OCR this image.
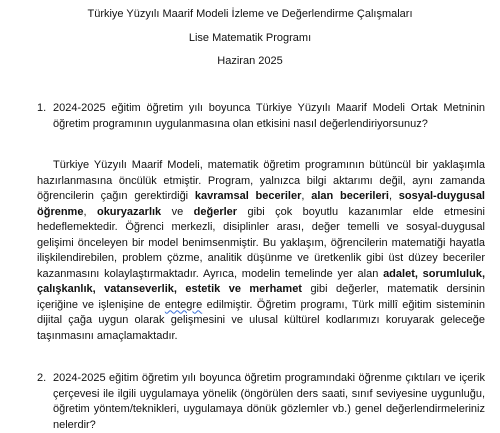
Türkiye Yüzyılı Maarif Modeli İzleme ve Değerlendirme Çalışmaları
Lise Matematik Programı
Haziran 2025
1. 2024-2025 eğitim öğretim yılı boyunca Türkiye Yüzyılı Maarif Modeli Ortak Metninin öğretim programının uygulanmasına olan etkisini nasıl değerlendiriyorsunuz?

Türkiye Yüzyılı Maarif Modeli, matematik öğretim programının bütüncül bir yaklaşımla hazırlanmasına öncülük etmiştir. Program, yalnızca bilgi aktarımı değil, aynı zamanda öğrencilerin çağın gerektirdiği kavramsal beceriler, alan becerileri, sosyal-duygusal öğrenme, okuryazarlık ve değerler gibi çok boyutlu kazanımlar elde etmesini hedeflemektedir. Öğrenci merkezli, disiplinler arası, değer temelli ve sosyal-duygusal gelişimi önceleyen bir model benimsenmiştir. Bu yaklaşım, öğrencilerin matematiği hayatla ilişkilendirebilen, problem çözme, analitik düşünme ve üretkenlik gibi üst düzey beceriler kazanmasını kolaylaştırmaktadır. Ayrıca, modelin temelinde yer alan adalet, sorumluluk, çalışkanlık, vatanseverlik, estetik ve merhamet gibi değerler, matematik dersinin içeriğine ve işlenişine de entegre edilmiştir. Öğretim programı, Türk millî eğitim sisteminin dijital çağa uygun olarak gelişmesini ve ulusal kültürel kodlarımızı koruyarak geleceğe taşınmasını amaçlamaktadır.

2. 2024-2025 eğitim öğretim yılı boyunca öğretim programındaki öğrenme çıktıları ve içerik çerçevesi ile ilgili uygulamaya yönelik (öngörülen ders saati, sınıf seviyesine uygunluğu, öğretim yöntem/teknikleri, uygulamaya dönük gözlemler vb.) genel değerlendirmeleriniz nelerdir?
